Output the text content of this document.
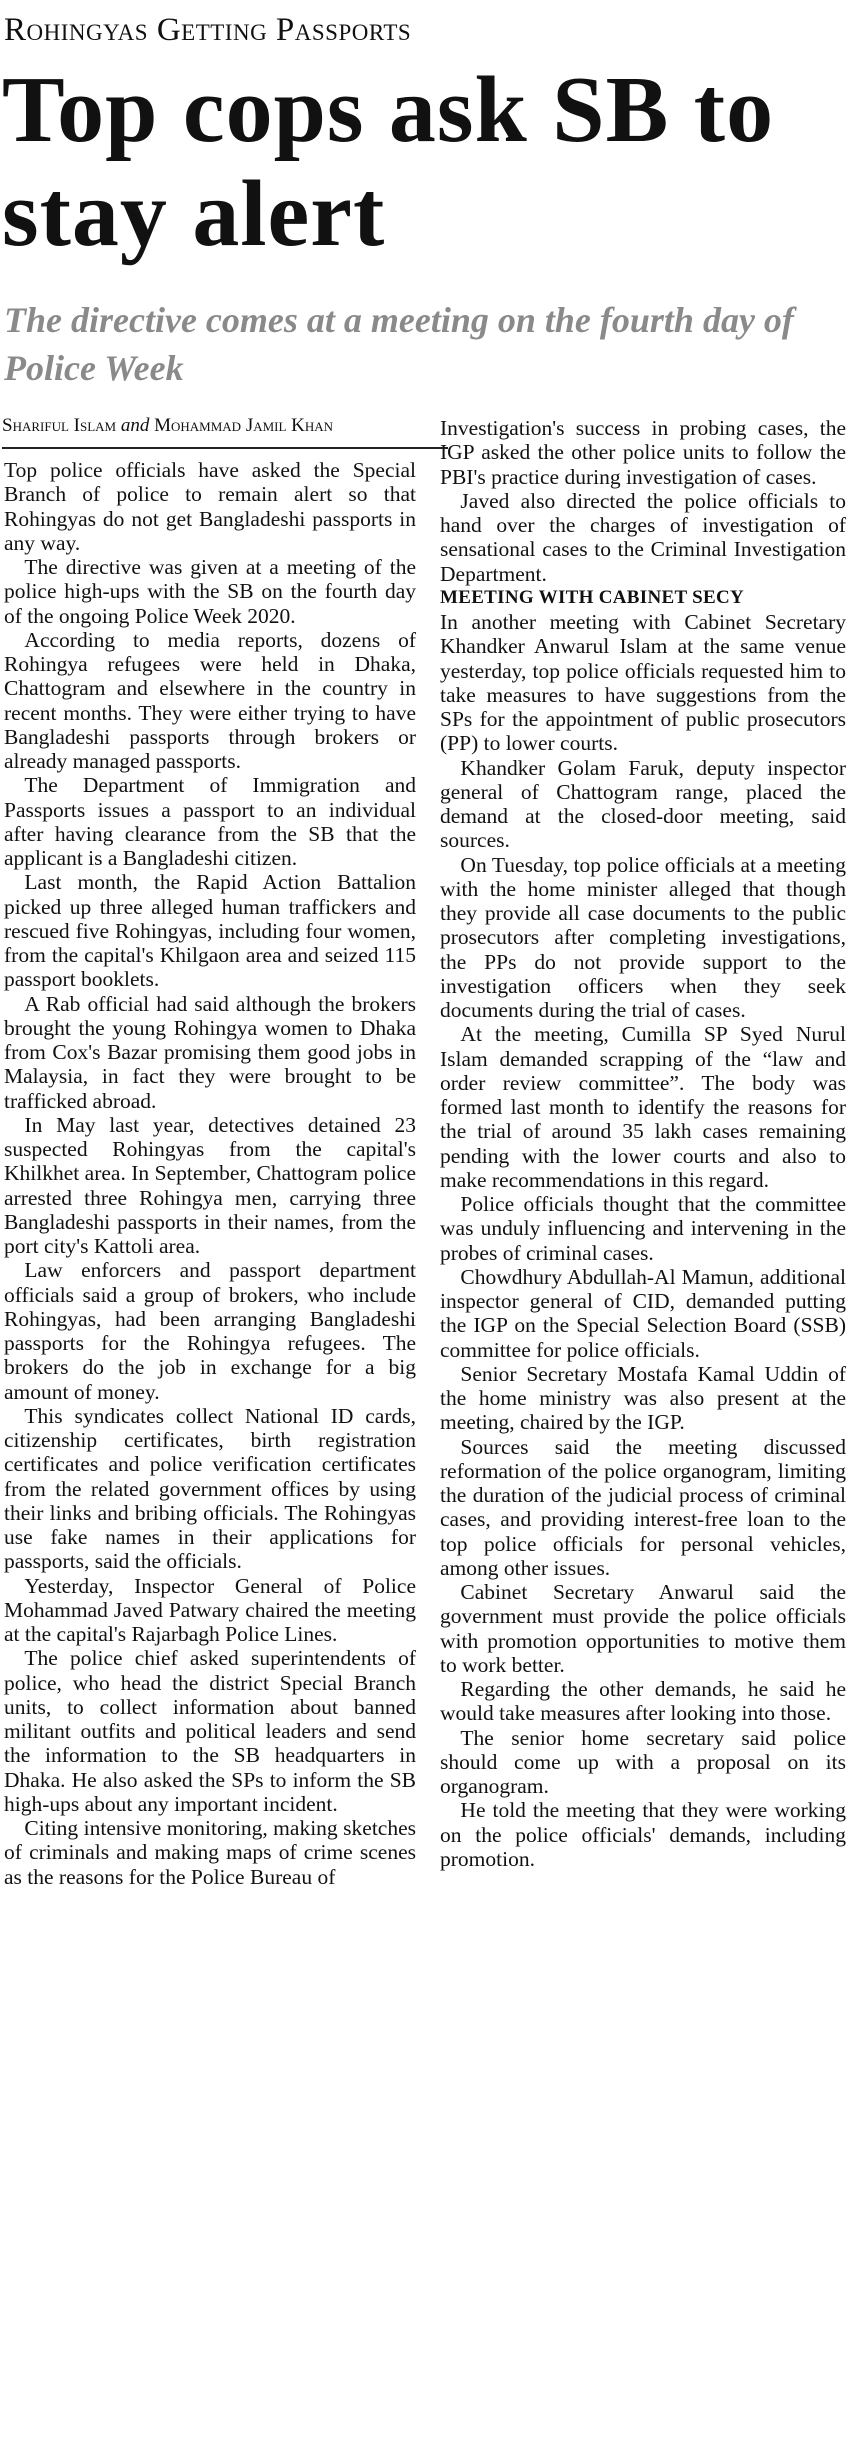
Rohingyas Getting Passports
Top cops ask SB to stay alert
The directive comes at a meeting on the fourth day of Police Week
Shariful Islam and Mohammad Jamil Khan

Top police officials have asked the Special Branch of police to remain alert so that Rohingyas do not get Bangladeshi passports in any way.

The directive was given at a meeting of the police high-ups with the SB on the fourth day of the ongoing Police Week 2020.

According to media reports, dozens of Rohingya refugees were held in Dhaka, Chattogram and elsewhere in the country in recent months. They were either trying to have Bangladeshi passports through brokers or already managed passports.

The Department of Immigration and Passports issues a passport to an individual after having clearance from the SB that the applicant is a Bangladeshi citizen.

Last month, the Rapid Action Battalion picked up three alleged human traffickers and rescued five Rohingyas, including four women, from the capital's Khilgaon area and seized 115 passport booklets.

A Rab official had said although the brokers brought the young Rohingya women to Dhaka from Cox's Bazar promising them good jobs in Malaysia, in fact they were brought to be trafficked abroad.

In May last year, detectives detained 23 suspected Rohingyas from the capital's Khilkhet area. In September, Chattogram police arrested three Rohingya men, carrying three Bangladeshi passports in their names, from the port city's Kattoli area.

Law enforcers and passport department officials said a group of brokers, who include Rohingyas, had been arranging Bangladeshi passports for the Rohingya refugees. The brokers do the job in exchange for a big amount of money.

This syndicates collect National ID cards, citizenship certificates, birth registration certificates and police verification certificates from the related government offices by using their links and bribing officials. The Rohingyas use fake names in their applications for passports, said the officials.

Yesterday, Inspector General of Police Mohammad Javed Patwary chaired the meeting at the capital's Rajarbagh Police Lines.

The police chief asked superintendents of police, who head the district Special Branch units, to collect information about banned militant outfits and political leaders and send the information to the SB headquarters in Dhaka. He also asked the SPs to inform the SB high-ups about any important incident.

Citing intensive monitoring, making sketches of criminals and making maps of crime scenes as the reasons for the Police Bureau of

Investigation's success in probing cases, the IGP asked the other police units to follow the PBI's practice during investigation of cases.

Javed also directed the police officials to hand over the charges of investigation of sensational cases to the Criminal Investigation Department.

MEETING WITH CABINET SECY

In another meeting with Cabinet Secretary Khandker Anwarul Islam at the same venue yesterday, top police officials requested him to take measures to have suggestions from the SPs for the appointment of public prosecutors (PP) to lower courts.

Khandker Golam Faruk, deputy inspector general of Chattogram range, placed the demand at the closed-door meeting, said sources.

On Tuesday, top police officials at a meeting with the home minister alleged that though they provide all case documents to the public prosecutors after completing investigations, the PPs do not provide support to the investigation officers when they seek documents during the trial of cases.

At the meeting, Cumilla SP Syed Nurul Islam demanded scrapping of the “law and order review committee”. The body was formed last month to identify the reasons for the trial of around 35 lakh cases remaining pending with the lower courts and also to make recommendations in this regard.

Police officials thought that the committee was unduly influencing and intervening in the probes of criminal cases.

Chowdhury Abdullah-Al Mamun, additional inspector general of CID, demanded putting the IGP on the Special Selection Board (SSB) committee for police officials.

Senior Secretary Mostafa Kamal Uddin of the home ministry was also present at the meeting, chaired by the IGP.

Sources said the meeting discussed reformation of the police organogram, limiting the duration of the judicial process of criminal cases, and providing interest-free loan to the top police officials for personal vehicles, among other issues.

Cabinet Secretary Anwarul said the government must provide the police officials with promotion opportunities to motive them to work better.

Regarding the other demands, he said he would take measures after looking into those.

The senior home secretary said police should come up with a proposal on its organogram.

He told the meeting that they were working on the police officials' demands, including promotion.
